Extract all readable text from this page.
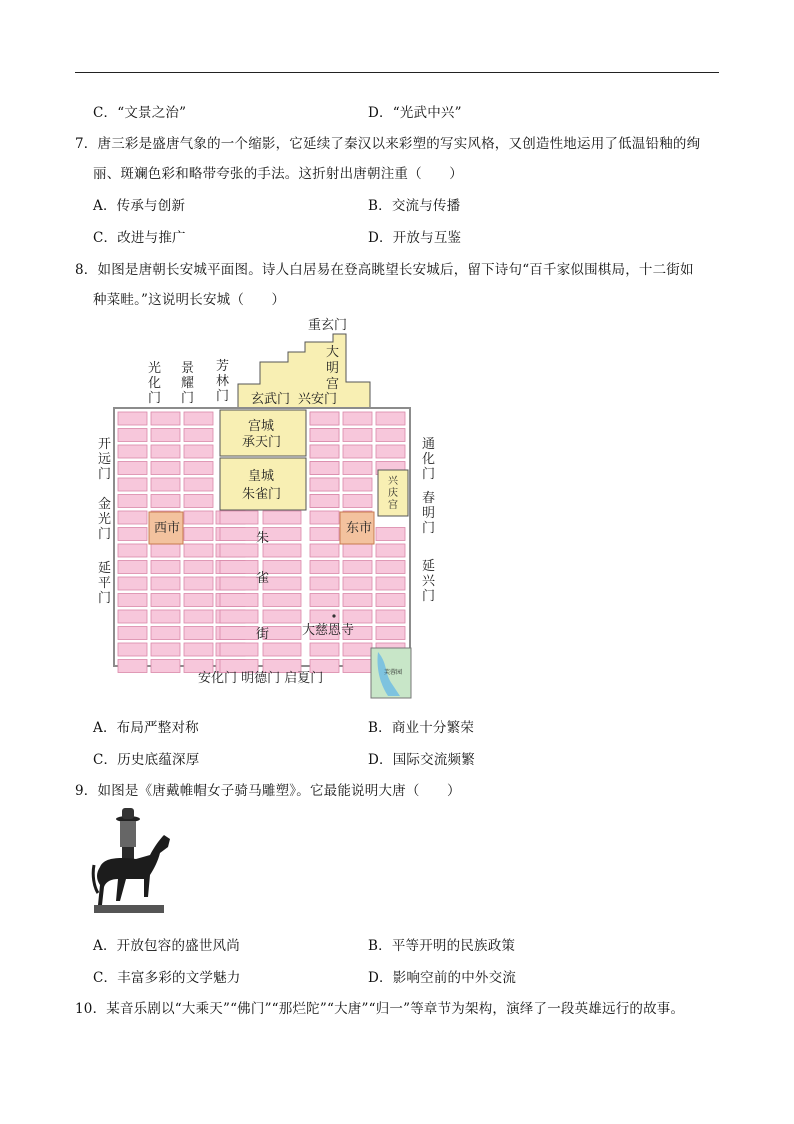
C．“文景之治”	D．“光武中兴”
7．唐三彩是盛唐气象的一个缩影，它延续了秦汉以来彩塑的写实风格，又创造性地运用了低温铅釉的绚
丽、斑斓色彩和略带夸张的手法。这折射出唐朝注重（　　）
A．传承与创新	B．交流与传播
C．改进与推广	D．开放与互鉴
8．如图是唐朝长安城平面图。诗人白居易在登高眺望长安城后，留下诗句“百千家似围棋局，十二街如
种菜畦。”这说明长安城（　　）
重玄门
大
明
宫
玄武门 兴安门
光
化
门
景
耀
门
芳
林
门
宫城
承天门
皇城
朱雀门
开
远
门
金
光
门
延
平
门
通
化
门
春
明
门
延
兴
门
兴
庆
宫
西市	东市
朱
雀
街	大慈恩寺
芙蓉园
安化门 明德门 启夏门
A．布局严整对称	B．商业十分繁荣
C．历史底蕴深厚	D．国际交流频繁
9．如图是《唐戴帷帽女子骑马雕塑》。它最能说明大唐（　　）
A．开放包容的盛世风尚	B．平等开明的民族政策
C．丰富多彩的文学魅力	D．影响空前的中外交流
10．某音乐剧以“大乘天”“佛门”“那烂陀”“大唐”“归一”等章节为架构，演绎了一段英雄远行的故事。
